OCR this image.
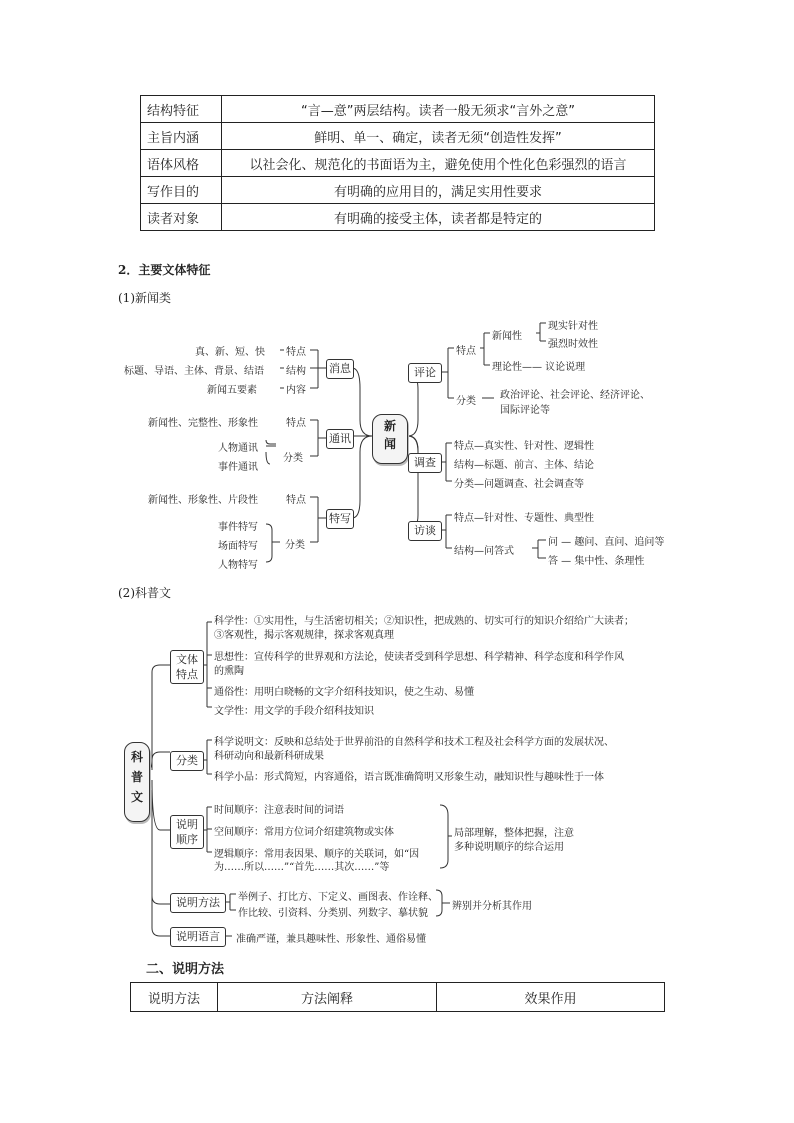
结构特征	“言—意”两层结构。读者一般无须求“言外之意”
主旨内涵	鲜明、单一、确定，读者无须“创造性发挥”
语体风格	以社会化、规范化的书面语为主，避免使用个性化色彩强烈的语言
写作目的	有明确的应用目的，满足实用性要求
读者对象	有明确的接受主体，读者都是特定的
2．主要文体特征
(1)新闻类
真、新、短、快 特点
标题、导语、主体、背景、结语 结构
新闻五要素	内容
消息
新闻性、完整性、形象性	特点
人物通讯
事件通讯
分类
通讯
新闻性、形象性、片段性	特点
事件特写
场面特写
人物特写
分类
特写
新闻
评论
特点
新闻性
现实针对性
强烈时效性
理论性—— 议论说理
分类
政治评论、社会评论、经济评论、
国际评论等
调查
特点—真实性、针对性、逻辑性
结构—标题、前言、主体、结论
分类—问题调查、社会调查等
访谈
特点—针对性、专题性、典型性
结构—问答式
问 — 趣问、直问、追问等
答 — 集中性、条理性
(2)科普文
科普文
文体特点
科学性：①实用性，与生活密切相关；②知识性，把成熟的、切实可行的知识介绍给广大读者；
③客观性，揭示客观规律，探求客观真理
思想性：宣传科学的世界观和方法论，使读者受到科学思想、科学精神、科学态度和科学作风
的熏陶
通俗性：用明白晓畅的文字介绍科技知识，使之生动、易懂
文学性：用文学的手段介绍科技知识
分类
科学说明文：反映和总结处于世界前沿的自然科学和技术工程及社会科学方面的发展状况、
科研动向和最新科研成果
科学小品：形式简短，内容通俗，语言既准确简明又形象生动，融知识性与趣味性于一体
说明顺序
时间顺序：注意表时间的词语
空间顺序：常用方位词介绍建筑物或实体
逻辑顺序：常用表因果、顺序的关联词，如“因
为……所以……”“首先……其次……”等
局部理解，整体把握，注意
多种说明顺序的综合运用
说明方法	举例子、打比方、下定义、画图表、作诠释、
作比较、引资料、分类别、列数字、摹状貌
辨别并分析其作用
说明语言	准确严谨，兼具趣味性、形象性、通俗易懂
二、说明方法
说明方法	方法阐释	效果作用
